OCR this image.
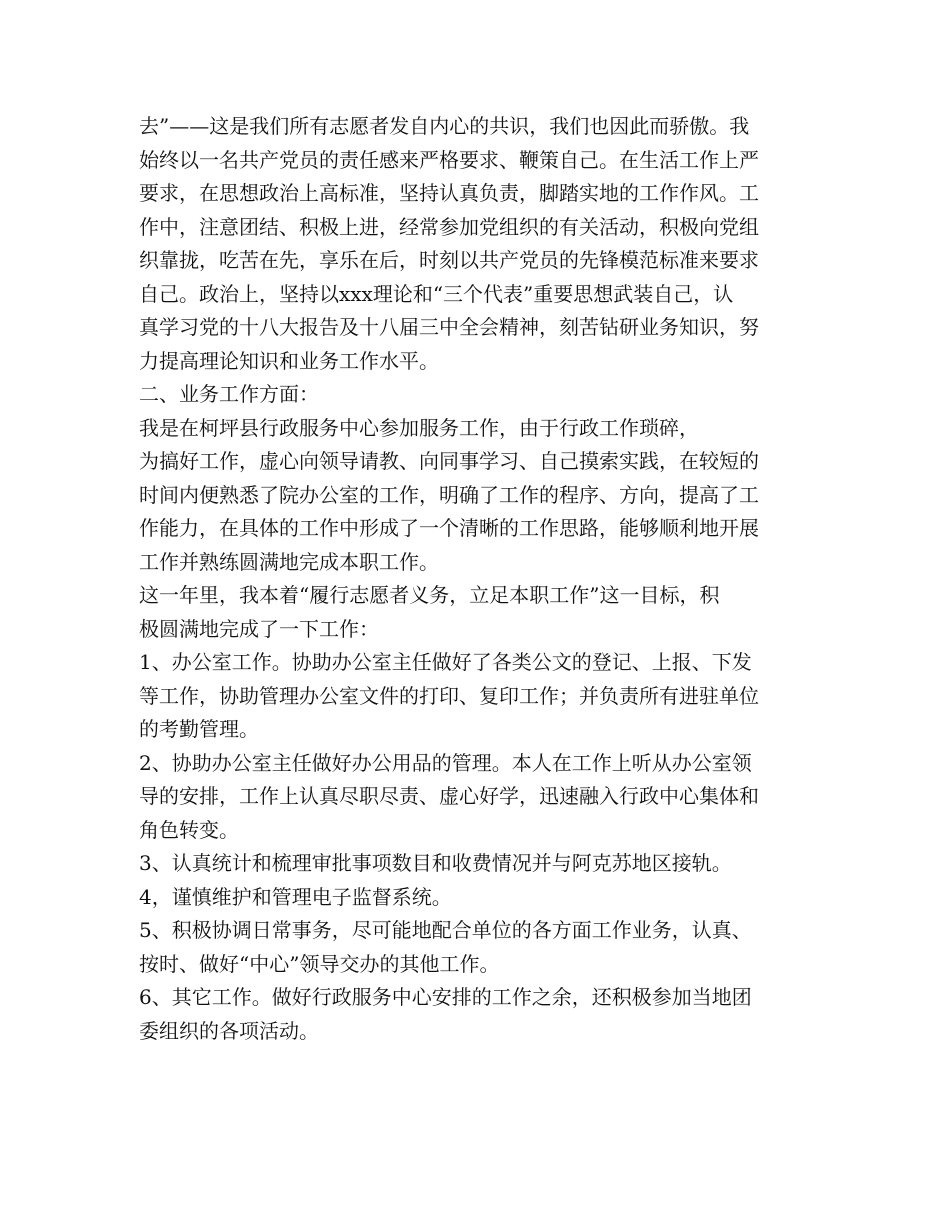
去”——这是我们所有志愿者发自内心的共识，我们也因此而骄傲。我
始终以一名共产党员的责任感来严格要求、鞭策自己。在生活工作上严
要求，在思想政治上高标准，坚持认真负责，脚踏实地的工作作风。工
作中，注意团结、积极上进，经常参加党组织的有关活动，积极向党组
织靠拢，吃苦在先，享乐在后，时刻以共产党员的先锋模范标准来要求
自己。政治上，坚持以xxx理论和“三个代表”重要思想武装自己，认
真学习党的十八大报告及十八届三中全会精神，刻苦钻研业务知识，努
力提高理论知识和业务工作水平。

二、业务工作方面：

我是在柯坪县行政服务中心参加服务工作，由于行政工作琐碎，
为搞好工作，虚心向领导请教、向同事学习、自己摸索实践，在较短的
时间内便熟悉了院办公室的工作，明确了工作的程序、方向，提高了工
作能力，在具体的工作中形成了一个清晰的工作思路，能够顺利地开展
工作并熟练圆满地完成本职工作。

这一年里，我本着“履行志愿者义务，立足本职工作”这一目标，积
极圆满地完成了一下工作：

1、办公室工作。协助办公室主任做好了各类公文的登记、上报、下发
等工作，协助管理办公室文件的打印、复印工作；并负责所有进驻单位
的考勤管理。

2、协助办公室主任做好办公用品的管理。本人在工作上听从办公室领
导的安排，工作上认真尽职尽责、虚心好学，迅速融入行政中心集体和
角色转变。

3、认真统计和梳理审批事项数目和收费情况并与阿克苏地区接轨。

4，谨慎维护和管理电子监督系统。

5、积极协调日常事务，尽可能地配合单位的各方面工作业务，认真、
按时、做好“中心”领导交办的其他工作。

6、其它工作。做好行政服务中心安排的工作之余，还积极参加当地团
委组织的各项活动。
